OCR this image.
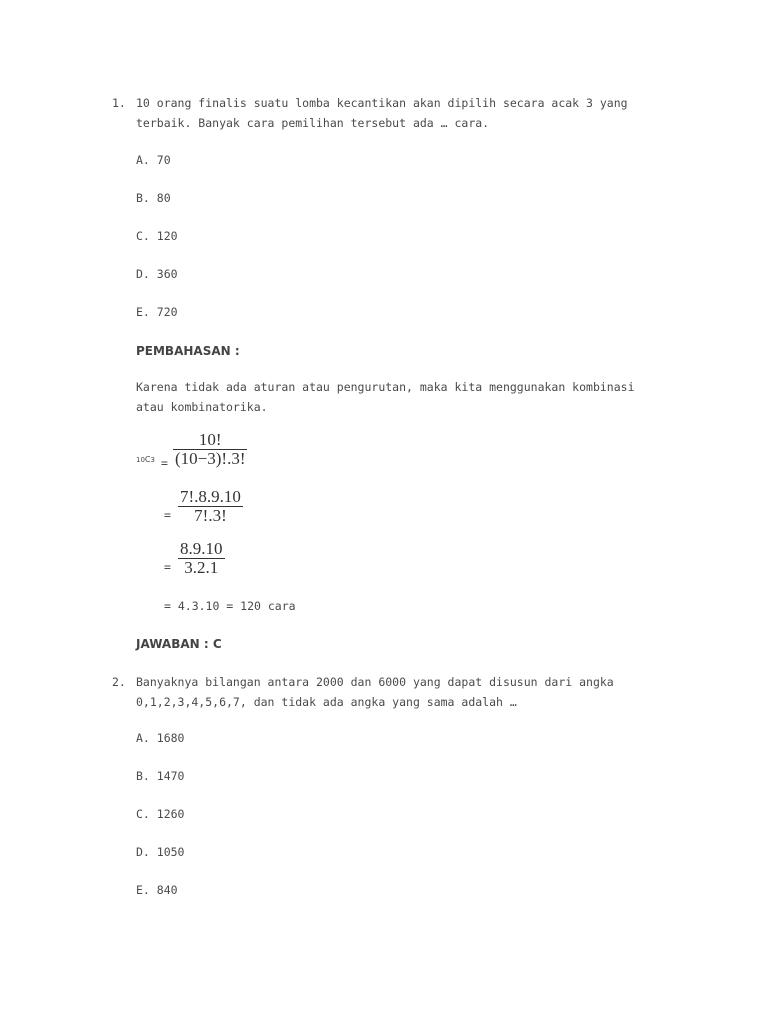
1. 10 orang finalis suatu lomba kecantikan akan dipilih secara acak 3 yang
terbaik. Banyak cara pemilihan tersebut ada … cara.
A. 70
B. 80
C. 120
D. 360
E. 720
PEMBAHASAN :
Karena tidak ada aturan atau pengurutan, maka kita menggunakan kombinasi
atau kombinatorika.
10C3 =
10!
(10−3)!.3!
=
7!.8.9.10
7!.3!
=
8.9.10
3.2.1
= 4.3.10 = 120 cara
JAWABAN : C
2. Banyaknya bilangan antara 2000 dan 6000 yang dapat disusun dari angka
0,1,2,3,4,5,6,7, dan tidak ada angka yang sama adalah …
A. 1680
B. 1470
C. 1260
D. 1050
E. 840
